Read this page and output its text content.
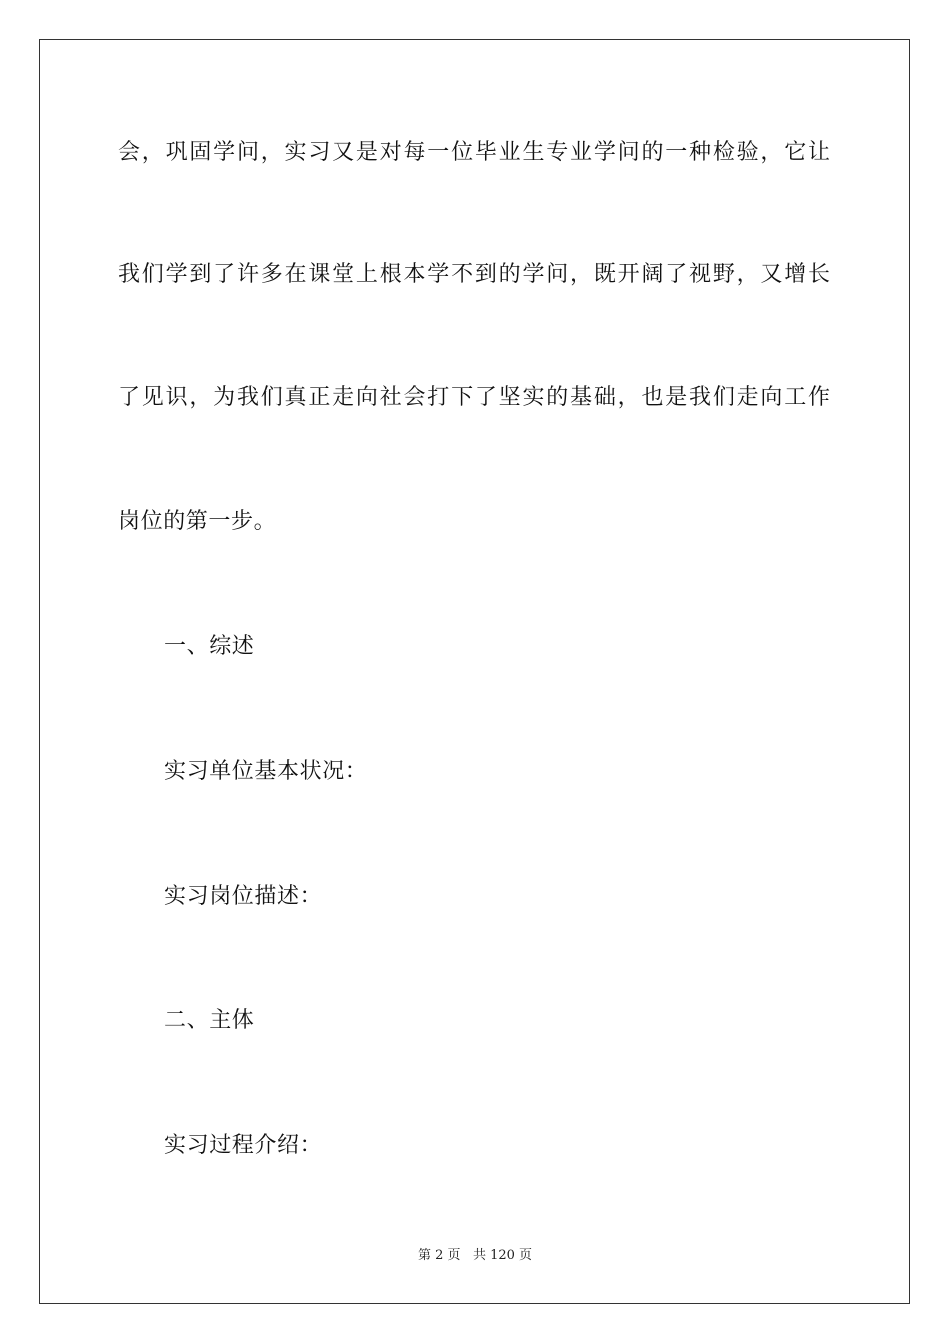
会，巩固学问，实习又是对每一位毕业生专业学问的一种检验，它让
我们学到了许多在课堂上根本学不到的学问，既开阔了视野，又增长
了见识，为我们真正走向社会打下了坚实的基础，也是我们走向工作
岗位的第一步。
一、综述
实习单位基本状况：
实习岗位描述：
二、主体
实习过程介绍：
第 2 页 共 120 页
